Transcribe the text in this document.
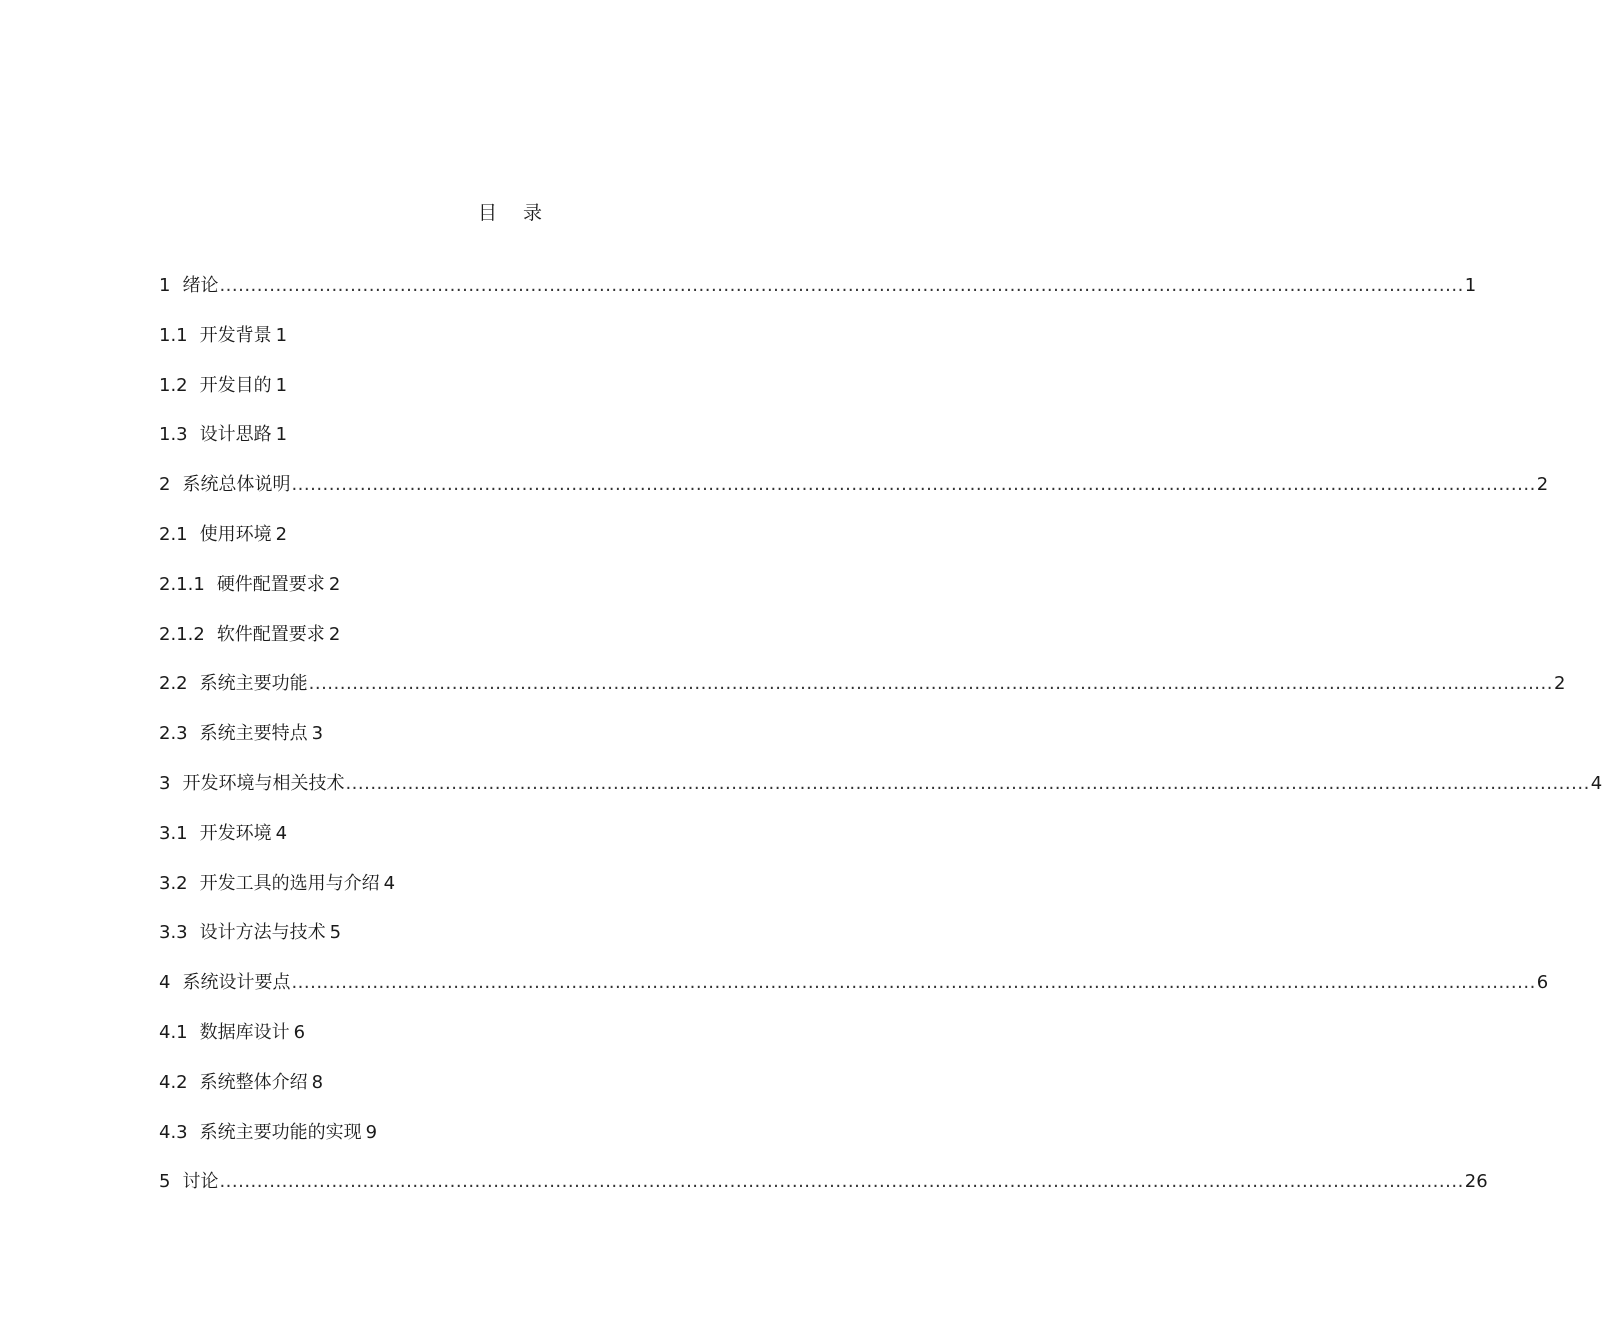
目 录
1 绪论 ........................................................................................................................................................................................................ 1
1.1 开发背景 1
1.2 开发目的 1
1.3 设计思路 1
2 系统总体说明 ........................................................................................................................................................................................................ 2
2.1 使用环境 2
2.1.1 硬件配置要求 2
2.1.2 软件配置要求 2
2.2 系统主要功能 ........................................................................................................................................................................................................ 2
2.3 系统主要特点 3
3 开发环境与相关技术 ........................................................................................................................................................................................................ 4
3.1 开发环境 4
3.2 开发工具的选用与介绍 4
3.3 设计方法与技术 5
4 系统设计要点 ........................................................................................................................................................................................................ 6
4.1 数据库设计 6
4.2 系统整体介绍 8
4.3 系统主要功能的实现 9
5 讨论 ........................................................................................................................................................................................................ 26
